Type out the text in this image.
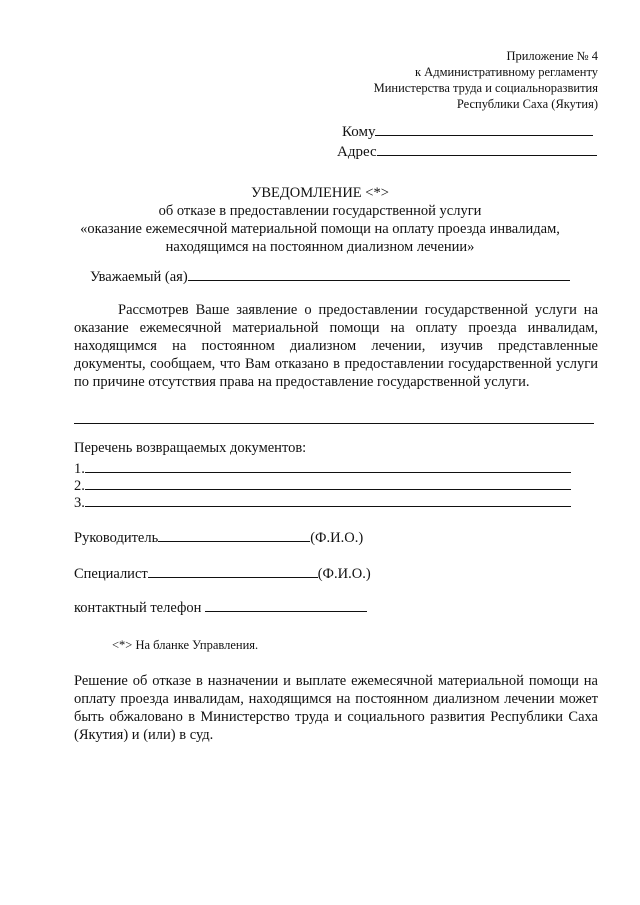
Приложение № 4
к Административному регламенту
Министерства труда и социальноразвития
Республики Саха (Якутия)
Кому
Адрес
УВЕДОМЛЕНИЕ <*>
об отказе в предоставлении государственной услуги
«оказание ежемесячной материальной помощи на оплату проезда инвалидам,
находящимся на постоянном диализном лечении»
Уважаемый (ая)

Рассмотрев Ваше заявление о предоставлении государственной услуги на оказание ежемесячной материальной помощи на оплату проезда инвалидам, находящимся на постоянном диализном лечении, изучив представленные документы, сообщаем, что Вам отказано в предоставлении государственной услуги по причине отсутствия права на предоставление государственной услуги.

Перечень возвращаемых документов:
1.
2.
3.
Руководитель	(Ф.И.О.)
Специалист	(Ф.И.О.)
контактный телефон
<*> На бланке Управления.

Решение об отказе в назначении и выплате ежемесячной материальной помощи на оплату проезда инвалидам, находящимся на постоянном диализном лечении может быть обжаловано в Министерство труда и социального развития Республики Саха (Якутия) и (или) в суд.
